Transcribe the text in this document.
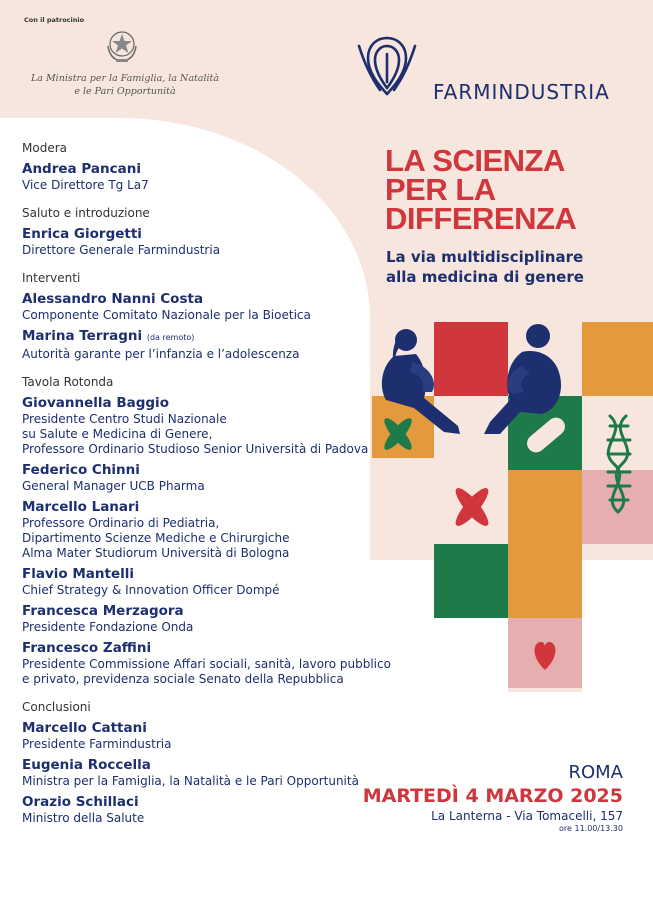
Con il patrocinio
La Ministra per la Famiglia, la Natalità
e le Pari Opportunità	FARMINDUSTRIA
LA SCIENZA
PER LA
DIFFERENZA
La via multidisciplinare
alla medicina di genere
Modera
Andrea Pancani
Vice Direttore Tg La7
Saluto e introduzione
Enrica Giorgetti
Direttore Generale Farmindustria
Interventi
Alessandro Nanni Costa
Componente Comitato Nazionale per la Bioetica
Marina Terragni (da remoto)
Autorità garante per l’infanzia e l’adolescenza
Tavola Rotonda
Giovannella Baggio
Presidente Centro Studi Nazionale
su Salute e Medicina di Genere,
Professore Ordinario Studioso Senior Università di Padova
Federico Chinni
General Manager UCB Pharma
Marcello Lanari
Professore Ordinario di Pediatria,
Dipartimento Scienze Mediche e Chirurgiche
Alma Mater Studiorum Università di Bologna
Flavio Mantelli
Chief Strategy & Innovation Officer Dompé
Francesca Merzagora
Presidente Fondazione Onda
Francesco Zaffini
Presidente Commissione Affari sociali, sanità, lavoro pubblico
e privato, previdenza sociale Senato della Repubblica
Conclusioni
Marcello Cattani
Presidente Farmindustria
Eugenia Roccella
Ministra per la Famiglia, la Natalità e le Pari Opportunità
Orazio Schillaci
Ministro della Salute
ROMA
MARTEDÌ 4 MARZO 2025
La Lanterna - Via Tomacelli, 157
ore 11.00/13.30
